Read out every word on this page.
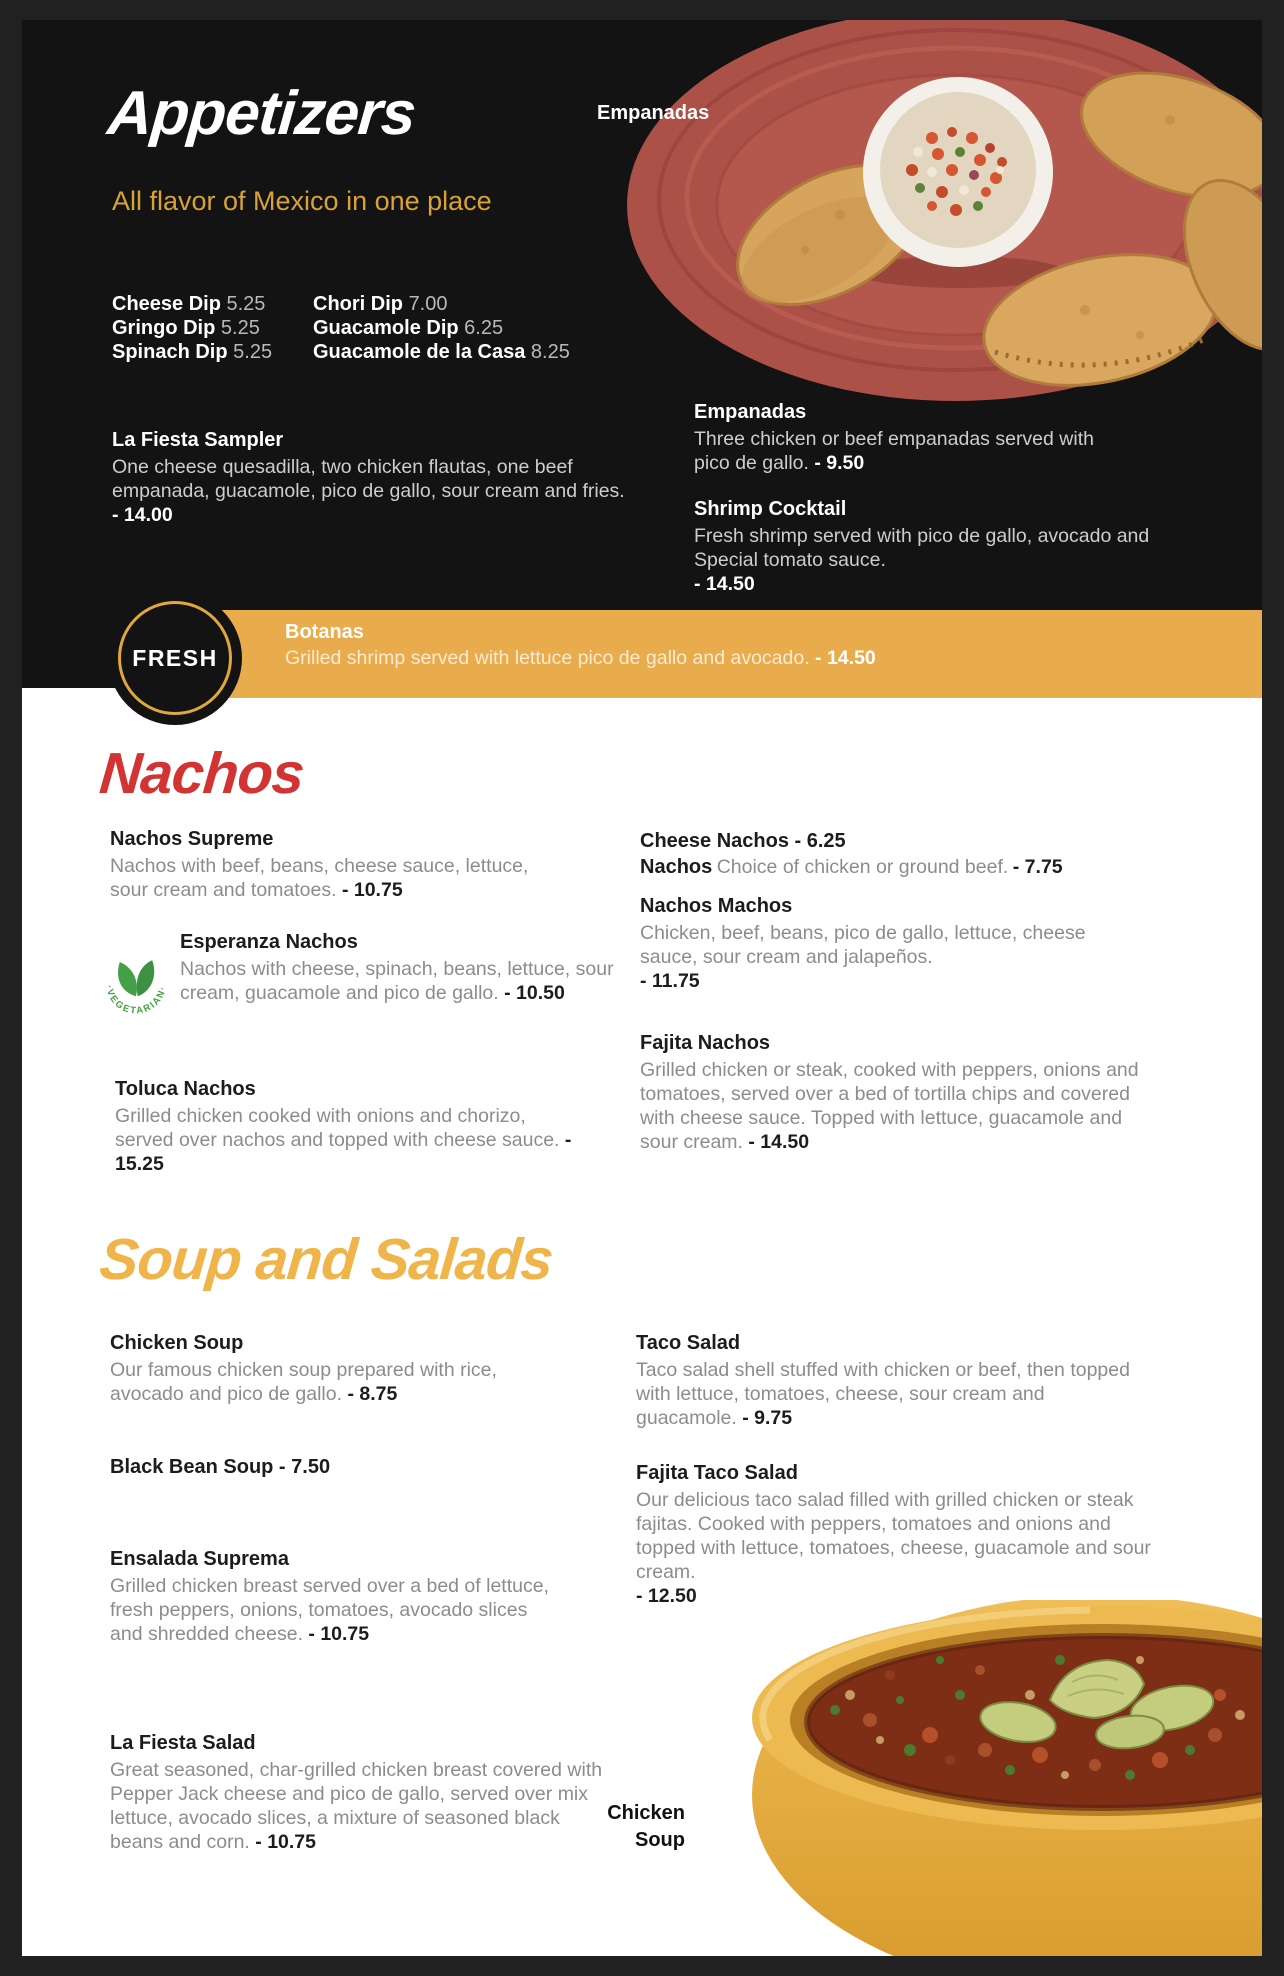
Appetizers
All flavor of Mexico in one place
Empanadas
Cheese Dip 5.25
Gringo Dip 5.25
Spinach Dip 5.25
Chori Dip 7.00
Guacamole Dip 6.25
Guacamole de la Casa 8.25
La Fiesta Sampler
One cheese quesadilla, two chicken flautas, one beef empanada, guacamole, pico de gallo, sour cream and fries. - 14.00
Empanadas
Three chicken or beef empanadas served with pico de gallo. - 9.50
Shrimp Cocktail
Fresh shrimp served with pico de gallo, avocado and Special tomato sauce.
- 14.50
Botanas
Grilled shrimp served with lettuce pico de gallo and avocado. - 14.50
FRESH
Nachos
Nachos Supreme
Nachos with beef, beans, cheese sauce, lettuce, sour cream and tomatoes. - 10.75
·VEGETARIAN·
Esperanza Nachos
Nachos with cheese, spinach, beans, lettuce, sour cream, guacamole and pico de gallo. - 10.50
Toluca Nachos
Grilled chicken cooked with onions and chorizo, served over nachos and topped with cheese sauce. - 15.25
Cheese Nachos - 6.25
Nachos Choice of chicken or ground beef. - 7.75
Nachos Machos
Chicken, beef, beans, pico de gallo, lettuce, cheese sauce, sour cream and jalapeños.
- 11.75
Fajita Nachos
Grilled chicken or steak, cooked with peppers, onions and tomatoes, served over a bed of tortilla chips and covered with cheese sauce. Topped with lettuce, guacamole and sour cream. - 14.50
Soup and Salads
Chicken Soup
Our famous chicken soup prepared with rice, avocado and pico de gallo. - 8.75
Black Bean Soup - 7.50
Ensalada Suprema
Grilled chicken breast served over a bed of lettuce, fresh peppers, onions, tomatoes, avocado slices and shredded cheese. - 10.75
La Fiesta Salad
Great seasoned, char-grilled chicken breast covered with Pepper Jack cheese and pico de gallo, served over mix lettuce, avocado slices, a mixture of seasoned black beans and corn. - 10.75
Taco Salad
Taco salad shell stuffed with chicken or beef, then topped with lettuce, tomatoes, cheese, sour cream and guacamole. - 9.75
Fajita Taco Salad
Our delicious taco salad filled with grilled chicken or steak fajitas. Cooked with peppers, tomatoes and onions and topped with lettuce, tomatoes, cheese, guacamole and sour cream.
- 12.50
Chicken
Soup
